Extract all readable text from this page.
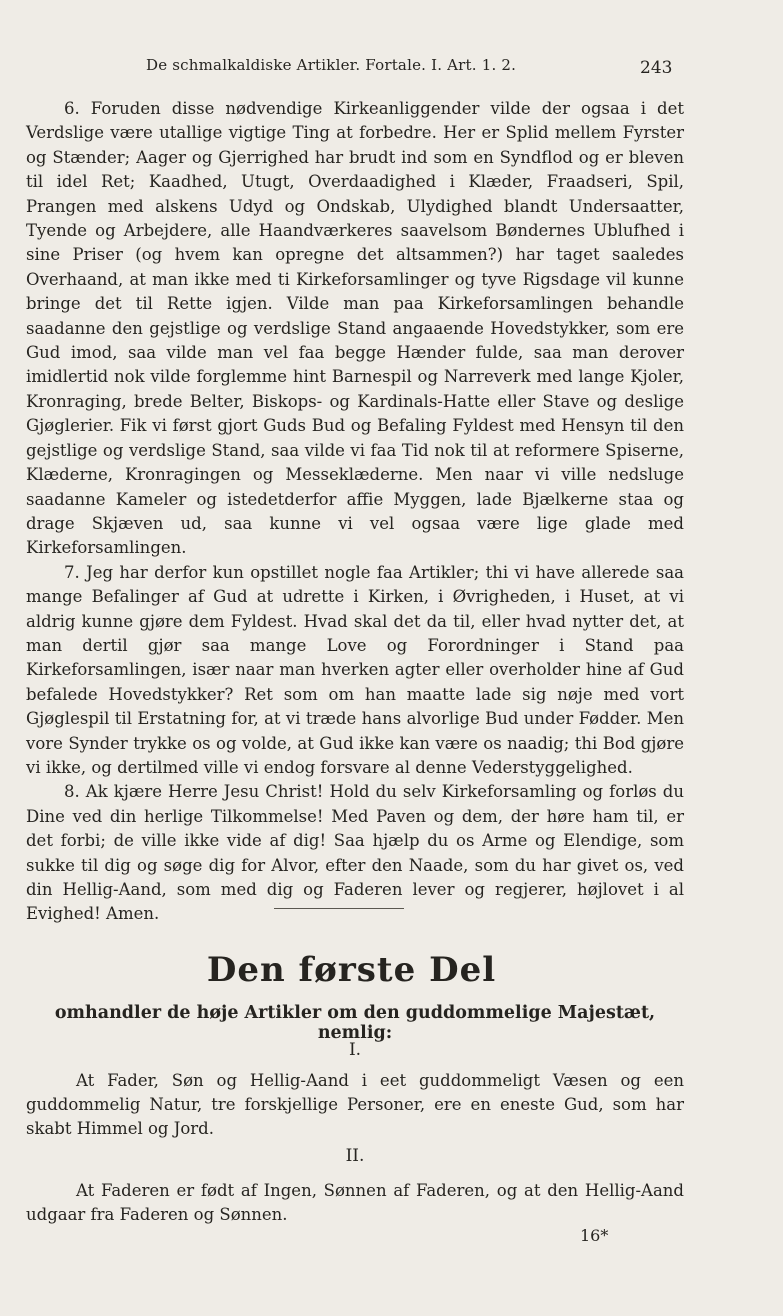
De schmalkaldiske Artikler. Fortale. I. Art. 1. 2.	243

6. Foruden disse nødvendige Kirkeanliggender vilde der ogsaa i det Verdslige være utallige vigtige Ting at forbedre. Her er Splid mellem Fyrster og Stænder; Aager og Gjerrighed har brudt ind som en Syndflod og er bleven til idel Ret; Kaadhed, Utugt, Overdaadighed i Klæder, Fraadseri, Spil, Prangen med alskens Udyd og Ondskab, Ulydighed blandt Undersaatter, Tyende og Arbejdere, alle Haandværkeres saavelsom Bøndernes Ublufhed i sine Priser (og hvem kan opregne det altsammen?) har taget saaledes Overhaand, at man ikke med ti Kirkeforsamlinger og tyve Rigsdage vil kunne bringe det til Rette igjen. Vilde man paa Kirkeforsamlingen behandle saadanne den gejstlige og verdslige Stand angaaende Hovedstykker, som ere Gud imod, saa vilde man vel faa begge Hænder fulde, saa man derover imidlertid nok vilde forglemme hint Barnespil og Narreverk med lange Kjoler, Kronraging, brede Belter, Biskops- og Kardinals-Hatte eller Stave og deslige Gjøglerier. Fik vi først gjort Guds Bud og Befaling Fyldest med Hensyn til den gejstlige og verdslige Stand, saa vilde vi faa Tid nok til at reformere Spiserne, Klæderne, Kronragingen og Messeklæderne. Men naar vi ville nedsluge saadanne Kameler og istedetderfor affie Myggen, lade Bjælkerne staa og drage Skjæven ud, saa kunne vi vel ogsaa være lige glade med Kirkeforsamlingen.

7. Jeg har derfor kun opstillet nogle faa Artikler; thi vi have allerede saa mange Befalinger af Gud at udrette i Kirken, i Øvrigheden, i Huset, at vi aldrig kunne gjøre dem Fyldest. Hvad skal det da til, eller hvad nytter det, at man dertil gjør saa mange Love og Forordninger i Stand paa Kirkeforsamlingen, især naar man hverken agter eller overholder hine af Gud befalede Hovedstykker? Ret som om han maatte lade sig nøje med vort Gjøglespil til Erstatning for, at vi træde hans alvorlige Bud under Fødder. Men vore Synder trykke os og volde, at Gud ikke kan være os naadig; thi Bod gjøre vi ikke, og dertilmed ville vi endog forsvare al denne Vederstyggelighed.

8. Ak kjære Herre Jesu Christ! Hold du selv Kirkeforsamling og forløs du Dine ved din herlige Tilkommelse! Med Paven og dem, der høre ham til, er det forbi; de ville ikke vide af dig! Saa hjælp du os Arme og Elendige, som sukke til dig og søge dig for Alvor, efter den Naade, som du har givet os, ved din Hellig-Aand, som med dig og Faderen lever og regjerer, højlovet i al Evighed! Amen.

Den første Del
omhandler de høje Artikler om den guddommelige Majestæt, nemlig:
I.

At Fader, Søn og Hellig-Aand i eet guddommeligt Væsen og een guddommelig Natur, tre forskjellige Personer, ere en eneste Gud, som har skabt Himmel og Jord.

II.

At Faderen er født af Ingen, Sønnen af Faderen, og at den Hellig-Aand udgaar fra Faderen og Sønnen.

16*
